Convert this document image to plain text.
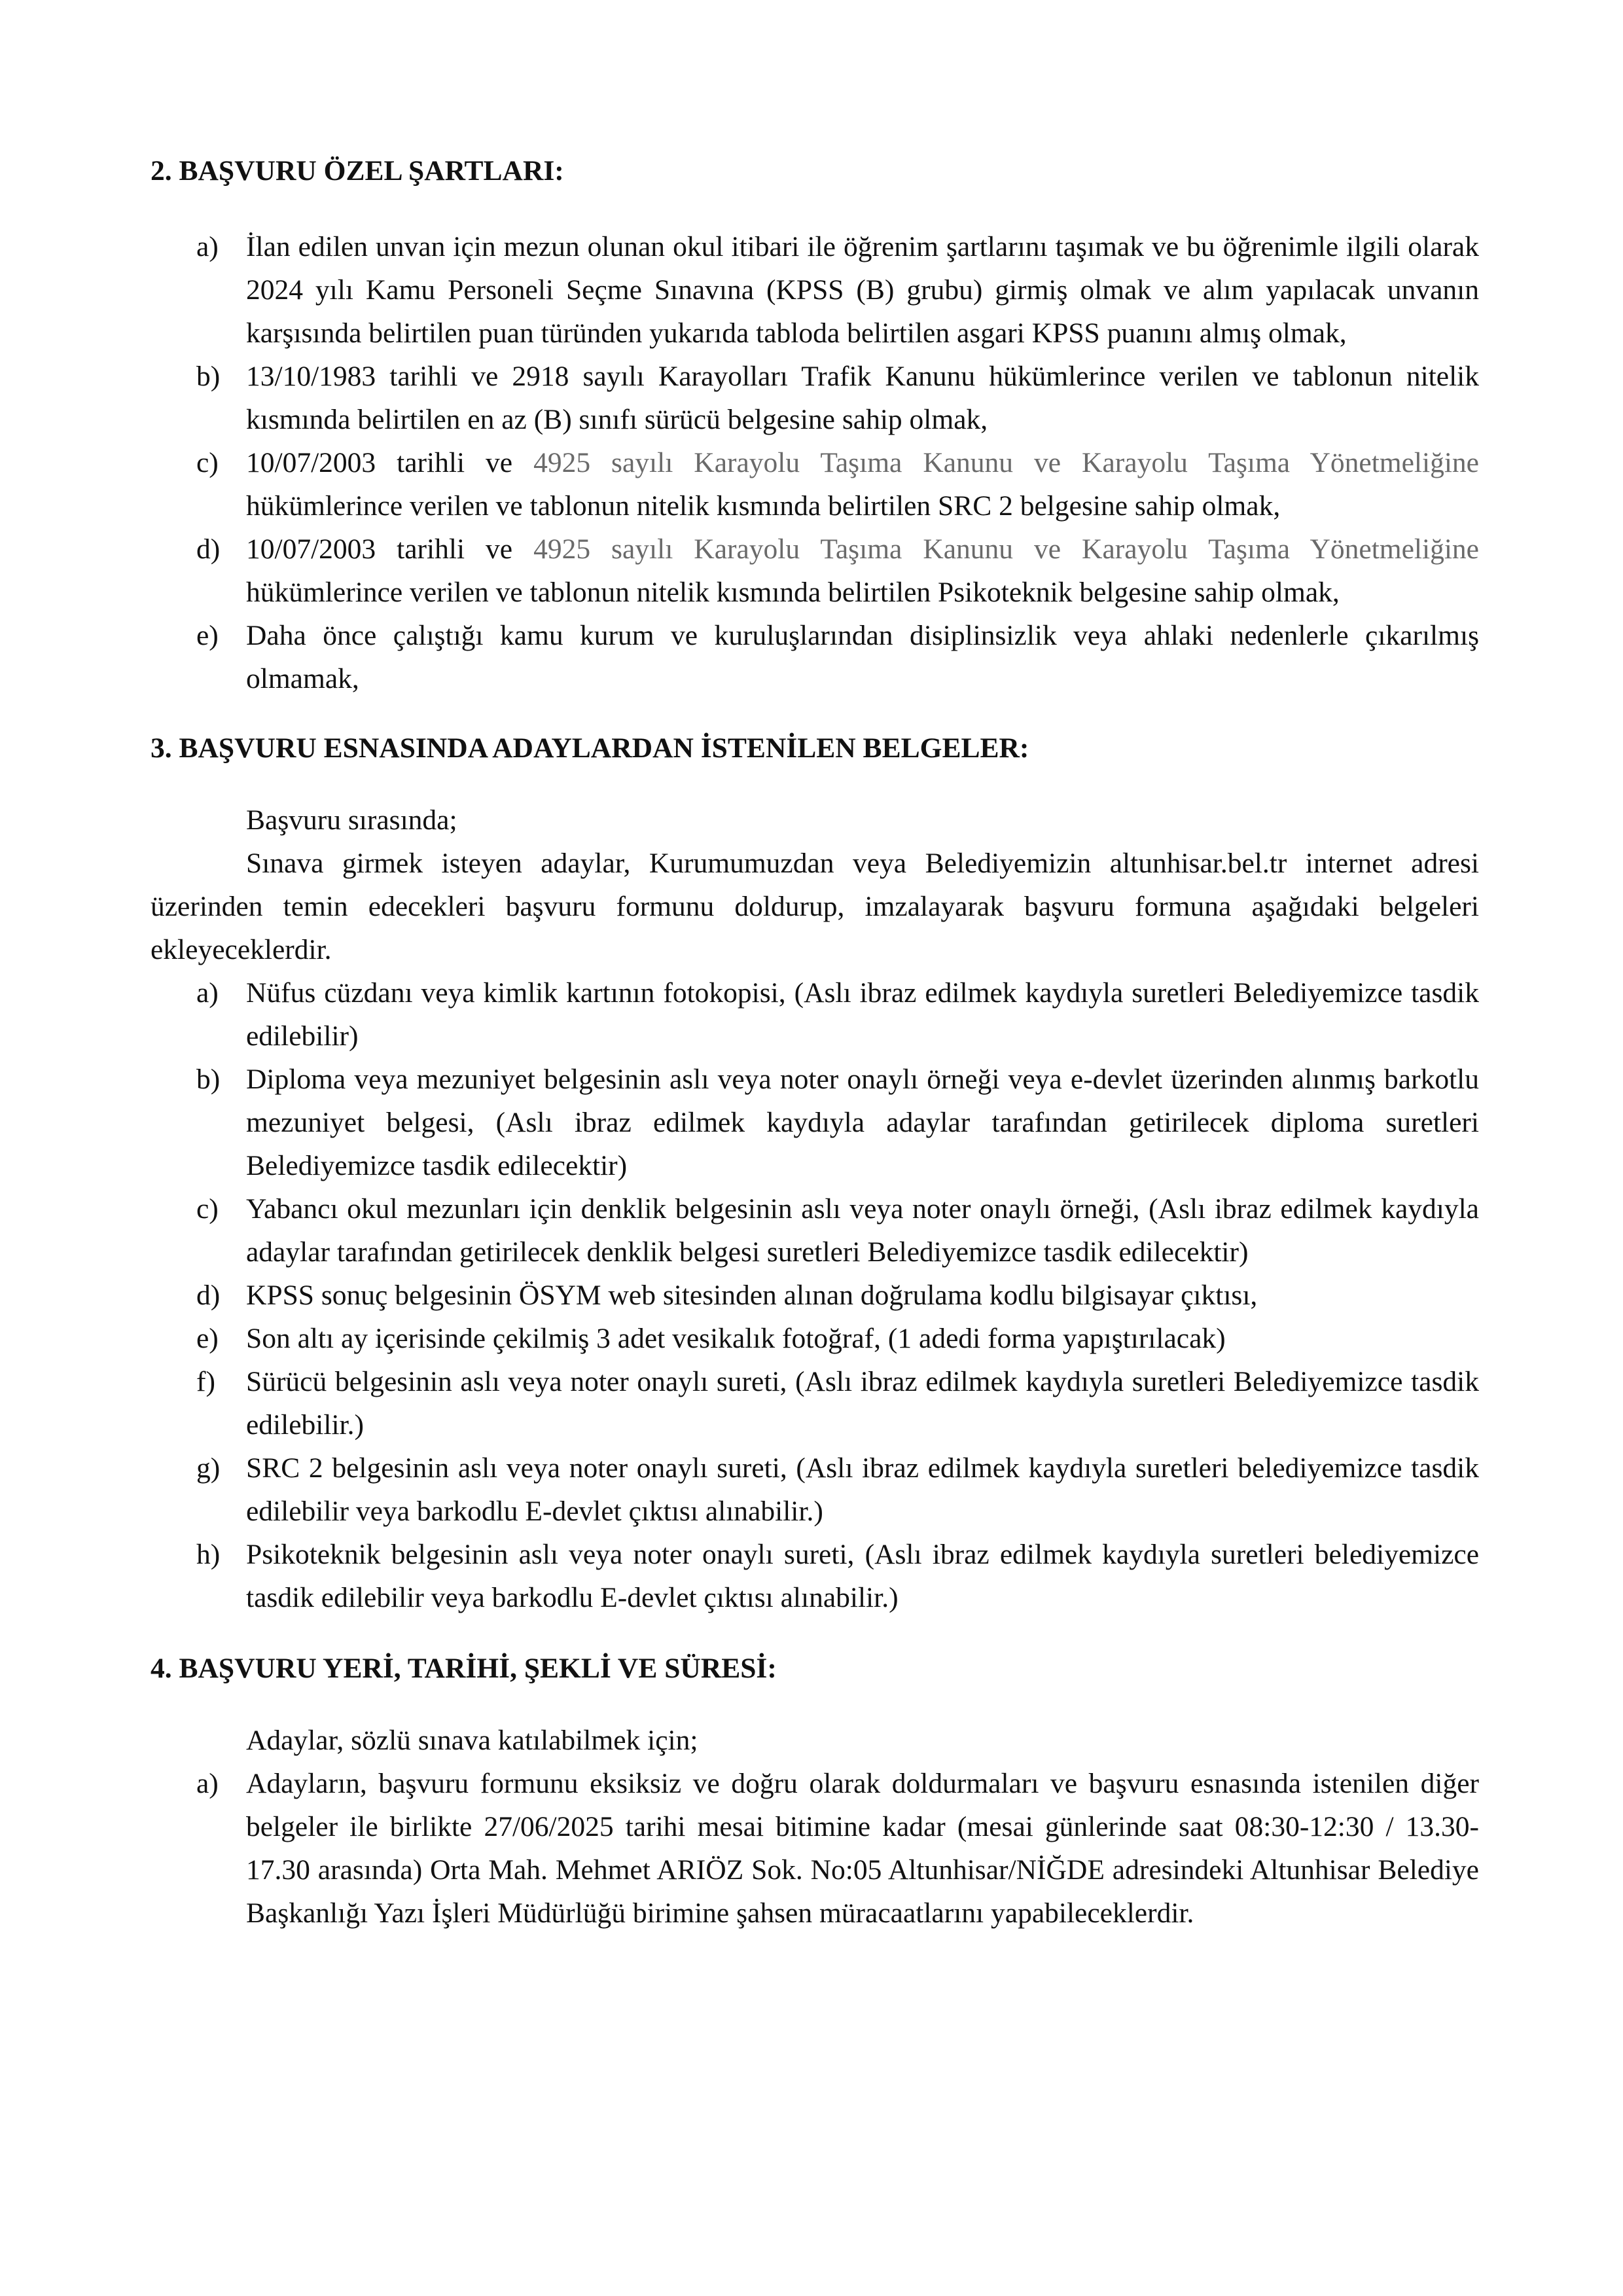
2. BAŞVURU ÖZEL ŞARTLARI:
a) İlan edilen unvan için mezun olunan okul itibari ile öğrenim şartlarını taşımak ve bu öğrenimle ilgili olarak 2024 yılı Kamu Personeli Seçme Sınavına (KPSS (B) grubu) girmiş olmak ve alım yapılacak unvanın karşısında belirtilen puan türünden yukarıda tabloda belirtilen asgari KPSS puanını almış olmak,
b) 13/10/1983 tarihli ve 2918 sayılı Karayolları Trafik Kanunu hükümlerince verilen ve tablonun nitelik kısmında belirtilen en az (B) sınıfı sürücü belgesine sahip olmak,
c) 10/07/2003 tarihli ve 4925 sayılı Karayolu Taşıma Kanunu ve Karayolu Taşıma Yönetmeliğine hükümlerince verilen ve tablonun nitelik kısmında belirtilen SRC 2 belgesine sahip olmak,
d) 10/07/2003 tarihli ve 4925 sayılı Karayolu Taşıma Kanunu ve Karayolu Taşıma Yönetmeliğine hükümlerince verilen ve tablonun nitelik kısmında belirtilen Psikoteknik belgesine sahip olmak,
e) Daha önce çalıştığı kamu kurum ve kuruluşlarından disiplinsizlik veya ahlaki nedenlerle çıkarılmış olmamak,
3. BAŞVURU ESNASINDA ADAYLARDAN İSTENİLEN BELGELER:

Başvuru sırasında;

Sınava girmek isteyen adaylar, Kurumumuzdan veya Belediyemizin altunhisar.bel.tr internet adresi üzerinden temin edecekleri başvuru formunu doldurup, imzalayarak başvuru formuna aşağıdaki belgeleri ekleyeceklerdir.

a) Nüfus cüzdanı veya kimlik kartının fotokopisi, (Aslı ibraz edilmek kaydıyla suretleri Belediyemizce tasdik edilebilir)
b) Diploma veya mezuniyet belgesinin aslı veya noter onaylı örneği veya e-devlet üzerinden alınmış barkotlu mezuniyet belgesi, (Aslı ibraz edilmek kaydıyla adaylar tarafından getirilecek diploma suretleri Belediyemizce tasdik edilecektir)
c) Yabancı okul mezunları için denklik belgesinin aslı veya noter onaylı örneği, (Aslı ibraz edilmek kaydıyla adaylar tarafından getirilecek denklik belgesi suretleri Belediyemizce tasdik edilecektir)
d) KPSS sonuç belgesinin ÖSYM web sitesinden alınan doğrulama kodlu bilgisayar çıktısı,
e) Son altı ay içerisinde çekilmiş 3 adet vesikalık fotoğraf, (1 adedi forma yapıştırılacak)
f) Sürücü belgesinin aslı veya noter onaylı sureti, (Aslı ibraz edilmek kaydıyla suretleri Belediyemizce tasdik edilebilir.)
g) SRC 2 belgesinin aslı veya noter onaylı sureti, (Aslı ibraz edilmek kaydıyla suretleri belediyemizce tasdik edilebilir veya barkodlu E-devlet çıktısı alınabilir.)
h) Psikoteknik belgesinin aslı veya noter onaylı sureti, (Aslı ibraz edilmek kaydıyla suretleri belediyemizce tasdik edilebilir veya barkodlu E-devlet çıktısı alınabilir.)
4. BAŞVURU YERİ, TARİHİ, ŞEKLİ VE SÜRESİ:

Adaylar, sözlü sınava katılabilmek için;

a) Adayların, başvuru formunu eksiksiz ve doğru olarak doldurmaları ve başvuru esnasında istenilen diğer belgeler ile birlikte 27/06/2025 tarihi mesai bitimine kadar (mesai günlerinde saat 08:30-12:30 / 13.30-17.30 arasında) Orta Mah. Mehmet ARIÖZ Sok. No:05 Altunhisar/NİĞDE adresindeki Altunhisar Belediye Başkanlığı Yazı İşleri Müdürlüğü birimine şahsen müracaatlarını yapabileceklerdir.
